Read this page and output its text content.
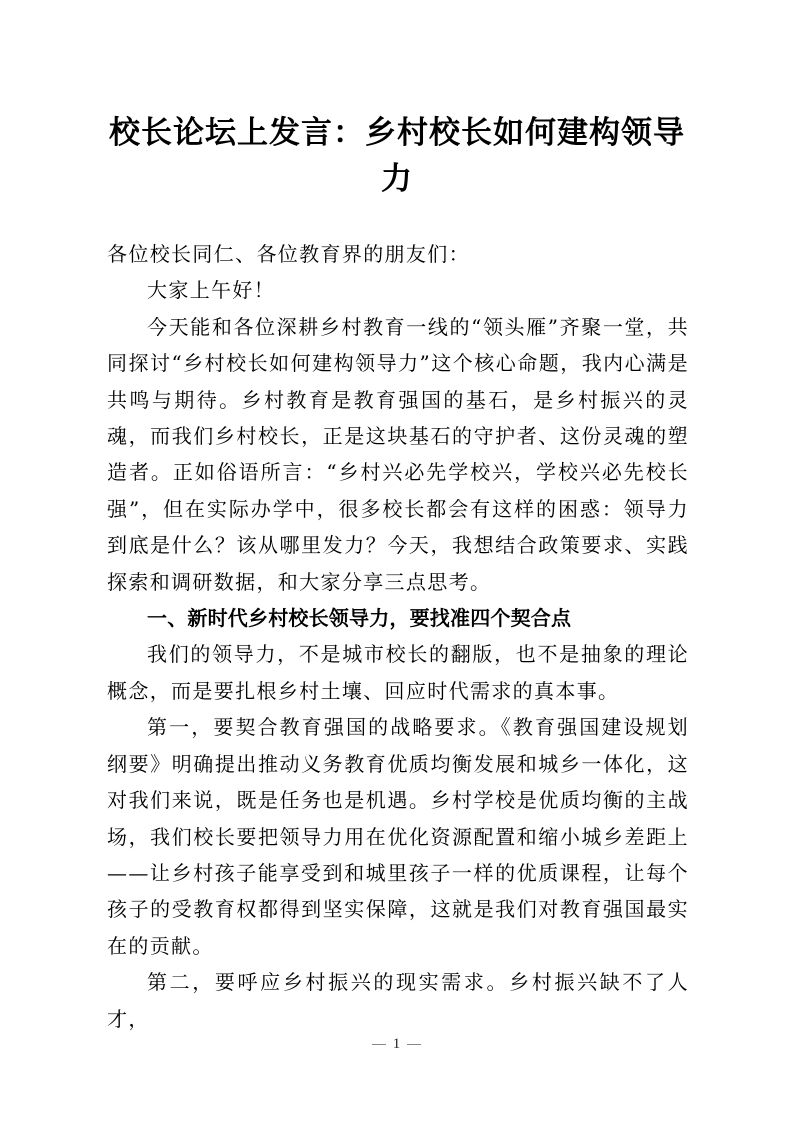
校长论坛上发言：乡村校长如何建构领导力

各位校长同仁、各位教育界的朋友们：

大家上午好！

今天能和各位深耕乡村教育一线的“领头雁”齐聚一堂，共同探讨“乡村校长如何建构领导力”这个核心命题，我内心满是共鸣与期待。乡村教育是教育强国的基石，是乡村振兴的灵魂，而我们乡村校长，正是这块基石的守护者、这份灵魂的塑造者。正如俗语所言：“乡村兴必先学校兴，学校兴必先校长强”，但在实际办学中，很多校长都会有这样的困惑：领导力到底是什么？该从哪里发力？今天，我想结合政策要求、实践探索和调研数据，和大家分享三点思考。

一、新时代乡村校长领导力，要找准四个契合点

我们的领导力，不是城市校长的翻版，也不是抽象的理论概念，而是要扎根乡村土壤、回应时代需求的真本事。

第一，要契合教育强国的战略要求。《教育强国建设规划纲要》明确提出推动义务教育优质均衡发展和城乡一体化，这对我们来说，既是任务也是机遇。乡村学校是优质均衡的主战场，我们校长要把领导力用在优化资源配置和缩小城乡差距上——让乡村孩子能享受到和城里孩子一样的优质课程，让每个孩子的受教育权都得到坚实保障，这就是我们对教育强国最实在的贡献。

第二，要呼应乡村振兴的现实需求。乡村振兴缺不了人才，

1
